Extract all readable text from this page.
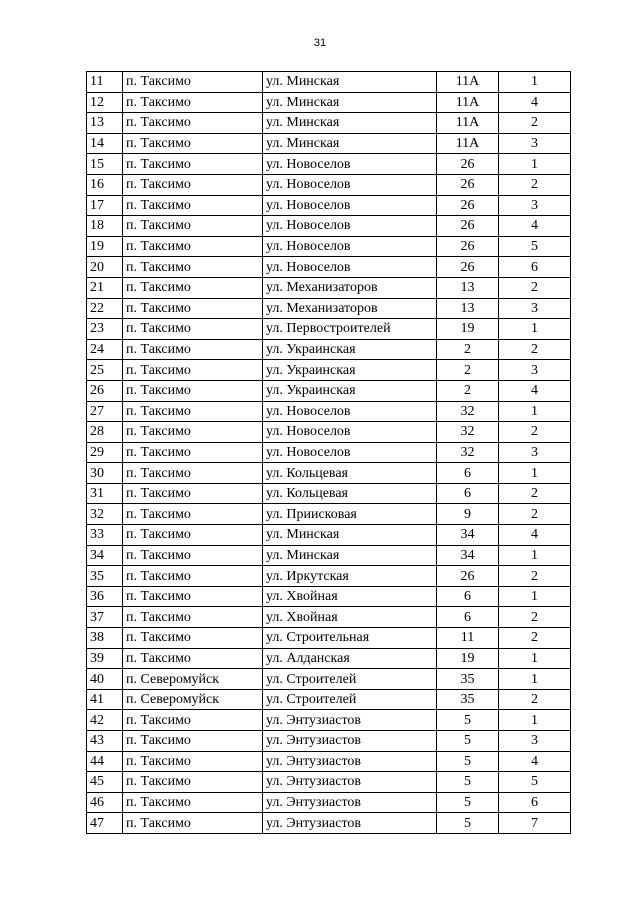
31
11	п. Таксимо	ул. Минская	11А	1
12	п. Таксимо	ул. Минская	11А	4
13	п. Таксимо	ул. Минская	11А	2
14	п. Таксимо	ул. Минская	11А	3
15	п. Таксимо	ул. Новоселов	26	1
16	п. Таксимо	ул. Новоселов	26	2
17	п. Таксимо	ул. Новоселов	26	3
18	п. Таксимо	ул. Новоселов	26	4
19	п. Таксимо	ул. Новоселов	26	5
20	п. Таксимо	ул. Новоселов	26	6
21	п. Таксимо	ул. Механизаторов	13	2
22	п. Таксимо	ул. Механизаторов	13	3
23	п. Таксимо	ул. Первостроителей	19	1
24	п. Таксимо	ул. Украинская	2	2
25	п. Таксимо	ул. Украинская	2	3
26	п. Таксимо	ул. Украинская	2	4
27	п. Таксимо	ул. Новоселов	32	1
28	п. Таксимо	ул. Новоселов	32	2
29	п. Таксимо	ул. Новоселов	32	3
30	п. Таксимо	ул. Кольцевая	6	1
31	п. Таксимо	ул. Кольцевая	6	2
32	п. Таксимо	ул. Приисковая	9	2
33	п. Таксимо	ул. Минская	34	4
34	п. Таксимо	ул. Минская	34	1
35	п. Таксимо	ул. Иркутская	26	2
36	п. Таксимо	ул. Хвойная	6	1
37	п. Таксимо	ул. Хвойная	6	2
38	п. Таксимо	ул. Строительная	11	2
39	п. Таксимо	ул. Алданская	19	1
40	п. Северомуйск	ул. Строителей	35	1
41	п. Северомуйск	ул. Строителей	35	2
42	п. Таксимо	ул. Энтузиастов	5	1
43	п. Таксимо	ул. Энтузиастов	5	3
44	п. Таксимо	ул. Энтузиастов	5	4
45	п. Таксимо	ул. Энтузиастов	5	5
46	п. Таксимо	ул. Энтузиастов	5	6
47	п. Таксимо	ул. Энтузиастов	5	7
